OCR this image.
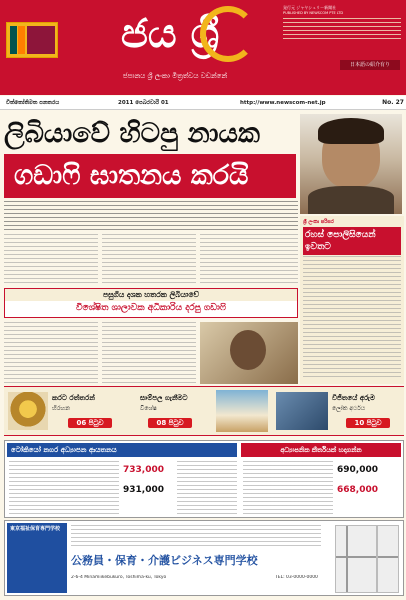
ජය ශ්‍රී
発行元 ジャヤシュリー新聞社
PUBLISHED BY NEWSCOM PTE LTD
日本語の紹介有り
ජපානය ශ්‍රී ලංකා මිත්‍රත්වය වඩන්නේ
විත්තෝතිමත පනතරය	2011 පෙබරවාරි 01	http://www.newscom-net.jp	No. 27
ලිබියාවේ හිටපු නායක
ගඩාෆි ඝාතනය කරයි
ශ්‍රී ලංකා පරිසර
රහස් පොලිසියෙන් ඉවතට
පසුගිය දශක හතරක ලිබියාවේ
විශේෂිත ශාලාවක අධිකාරිය දරපු ගඩාෆි
කරට රත්තරන්
හිරහන
06 පිටුව
සාම්පල ගැනීමට
විශේෂ
08 පිටුව
විජිතයේ අරුම
ලෝක අර්ථය
10 පිටුව
ටෝකියෝ නගර අධ්‍යාපන ආයතනය	අධ්‍යාපනික කීර්තියක් හදාගන්න
733,000
931,000
690,000
668,000
東京福祉保育専門学校
公務員・保育・介護ビジネス専門学校
2-6-4 Minamiikebukuro, Toshima-ku, Tokyo	TEL: 03-0000-0000
